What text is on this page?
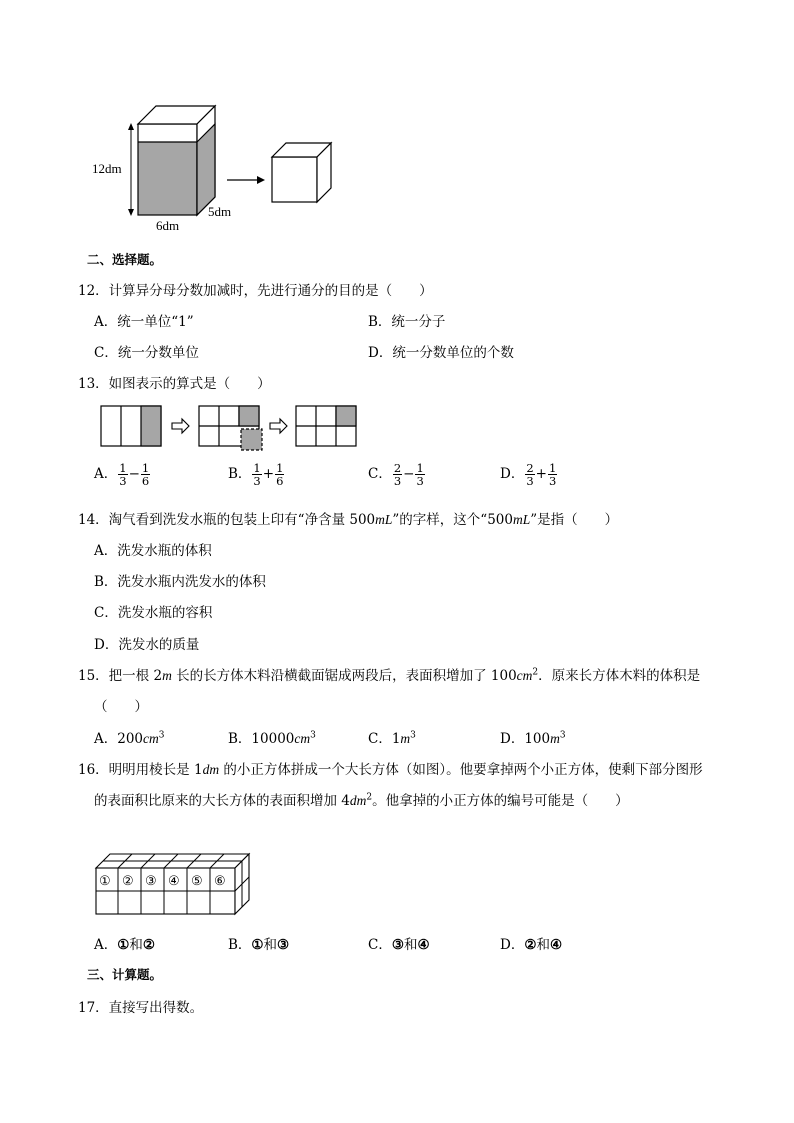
12dm
6dm
5dm
二、选择题。
12．计算异分母分数加减时，先进行通分的目的是（　　）
A．统一单位“1”	B．统一分子
C．统一分数单位	D．统一分数单位的个数
13．如图表示的算式是（　　）
A． $\frac{1}{3} - \frac{1}{6}$	B． $\frac{1}{3} + \frac{1}{6}$	C． $\frac{2}{3} - \frac{1}{3}$	D． $\frac{2}{3} + \frac{1}{3}$
14．淘气看到洗发水瓶的包装上印有“净含量 500mL”的字样，这个“500mL”是指（　　）
A．洗发水瓶的体积
B．洗发水瓶内洗发水的体积
C．洗发水瓶的容积
D．洗发水的质量
15．把一根 2m 长的长方体木料沿横截面锯成两段后，表面积增加了 $100cm^2$．原来长方体木料的体积是
（　　）
A．$200cm^3$	B．$10000cm^3$	C．$1m^3$	D．$100m^3$
16．明明用棱长是 1dm 的小正方体拼成一个大长方体（如图）。他要拿掉两个小正方体，使剩下部分图形
的表面积比原来的大长方体的表面积增加 $4dm^2$。他拿掉的小正方体的编号可能是（　　）
① ② ③ ④ ⑤ ⑥
A．①和②	B．①和③	C．③和④	D．②和④
三、计算题。
17．直接写出得数。
